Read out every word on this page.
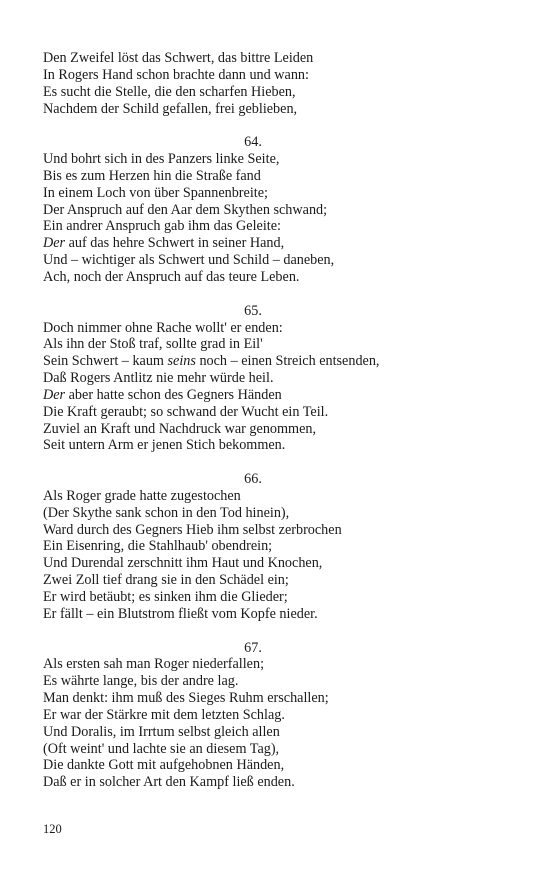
Den Zweifel löst das Schwert, das bittre Leiden
In Rogers Hand schon brachte dann und wann:
Es sucht die Stelle, die den scharfen Hieben,
Nachdem der Schild gefallen, frei geblieben,
64.
Und bohrt sich in des Panzers linke Seite,
Bis es zum Herzen hin die Straße fand
In einem Loch von über Spannenbreite;
Der Anspruch auf den Aar dem Skythen schwand;
Ein andrer Anspruch gab ihm das Geleite:
Der auf das hehre Schwert in seiner Hand,
Und – wichtiger als Schwert und Schild – daneben,
Ach, noch der Anspruch auf das teure Leben.
65.
Doch nimmer ohne Rache wollt' er enden:
Als ihn der Stoß traf, sollte grad in Eil'
Sein Schwert – kaum seins noch – einen Streich entsenden,
Daß Rogers Antlitz nie mehr würde heil.
Der aber hatte schon des Gegners Händen
Die Kraft geraubt; so schwand der Wucht ein Teil.
Zuviel an Kraft und Nachdruck war genommen,
Seit untern Arm er jenen Stich bekommen.
66.
Als Roger grade hatte zugestochen
(Der Skythe sank schon in den Tod hinein),
Ward durch des Gegners Hieb ihm selbst zerbrochen
Ein Eisenring, die Stahlhaub' obendrein;
Und Durendal zerschnitt ihm Haut und Knochen,
Zwei Zoll tief drang sie in den Schädel ein;
Er wird betäubt; es sinken ihm die Glieder;
Er fällt – ein Blutstrom fließt vom Kopfe nieder.
67.
Als ersten sah man Roger niederfallen;
Es währte lange, bis der andre lag.
Man denkt: ihm muß des Sieges Ruhm erschallen;
Er war der Stärkre mit dem letzten Schlag.
Und Doralis, im Irrtum selbst gleich allen
(Oft weint' und lachte sie an diesem Tag),
Die dankte Gott mit aufgehobnen Händen,
Daß er in solcher Art den Kampf ließ enden.
120
